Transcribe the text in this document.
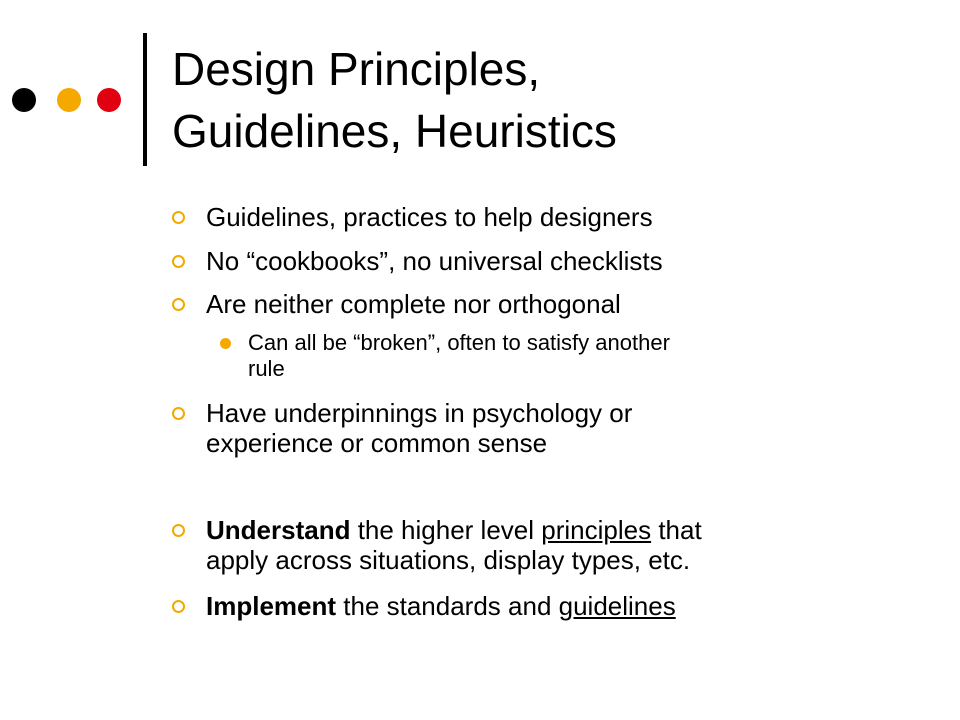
Design Principles,
Guidelines, Heuristics
Guidelines, practices to help designers
No “cookbooks”, no universal checklists
Are neither complete nor orthogonal
Can all be “broken”, often to satisfy another
rule
Have underpinnings in psychology or
experience or common sense
Understand the higher level principles that
apply across situations, display types, etc.
Implement the standards and guidelines
